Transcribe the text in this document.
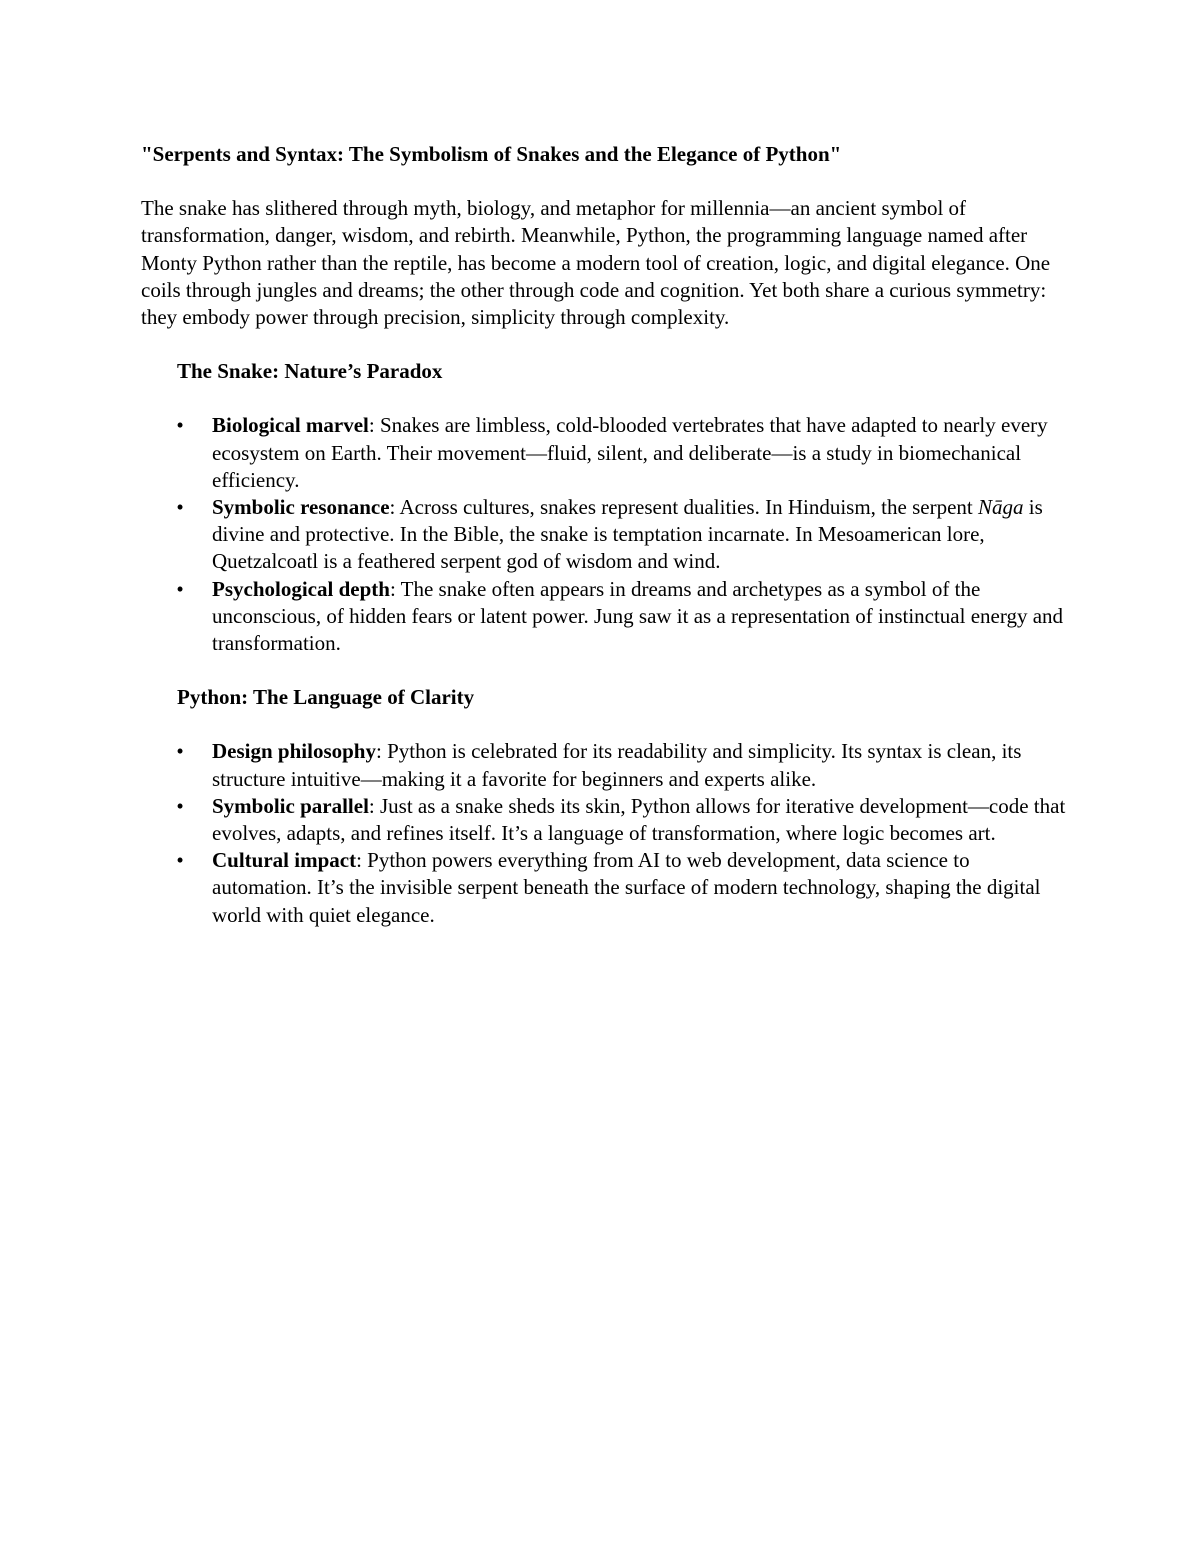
"Serpents and Syntax: The Symbolism of Snakes and the Elegance of Python"

The snake has slithered through myth, biology, and metaphor for millennia—an ancient symbol of transformation, danger, wisdom, and rebirth. Meanwhile, Python, the programming language named after Monty Python rather than the reptile, has become a modern tool of creation, logic, and digital elegance. One coils through jungles and dreams; the other through code and cognition. Yet both share a curious symmetry: they embody power through precision, simplicity through complexity.

The Snake: Nature’s Paradox

• Biological marvel: Snakes are limbless, cold-blooded vertebrates that have adapted to nearly every ecosystem on Earth. Their movement—fluid, silent, and deliberate—is a study in biomechanical efficiency.
• Symbolic resonance: Across cultures, snakes represent dualities. In Hinduism, the serpent Nāga is divine and protective. In the Bible, the snake is temptation incarnate. In Mesoamerican lore, Quetzalcoatl is a feathered serpent god of wisdom and wind.
• Psychological depth: The snake often appears in dreams and archetypes as a symbol of the unconscious, of hidden fears or latent power. Jung saw it as a representation of instinctual energy and transformation.

Python: The Language of Clarity

• Design philosophy: Python is celebrated for its readability and simplicity. Its syntax is clean, its structure intuitive—making it a favorite for beginners and experts alike.
• Symbolic parallel: Just as a snake sheds its skin, Python allows for iterative development—code that evolves, adapts, and refines itself. It’s a language of transformation, where logic becomes art.
• Cultural impact: Python powers everything from AI to web development, data science to automation. It’s the invisible serpent beneath the surface of modern technology, shaping the digital world with quiet elegance.
